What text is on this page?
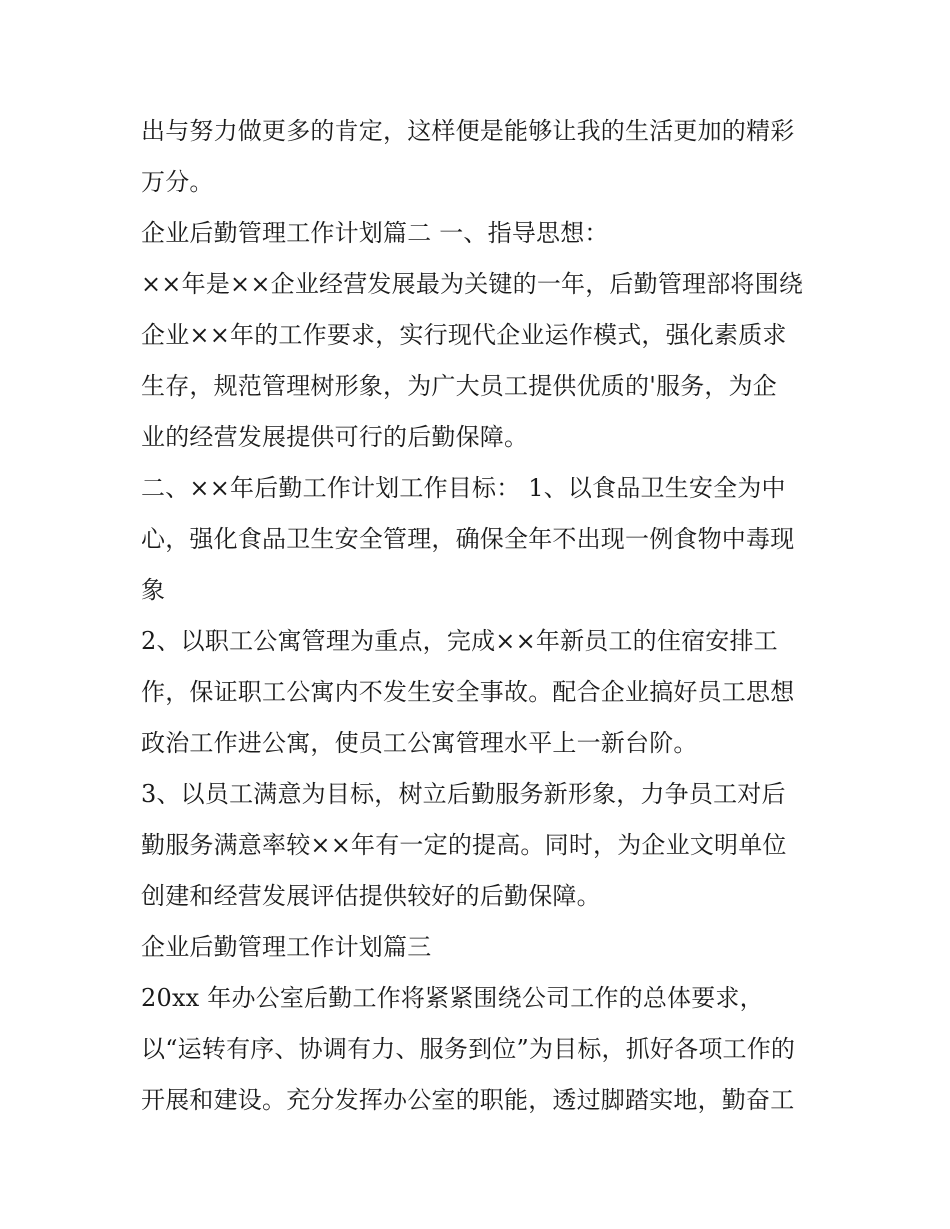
出与努力做更多的肯定，这样便是能够让我的生活更加的精彩
万分。
企业后勤管理工作计划篇二 一、指导思想：
××年是××企业经营发展最为关键的一年，后勤管理部将围绕
企业××年的工作要求，实行现代企业运作模式，强化素质求
生存，规范管理树形象，为广大员工提供优质的'服务，为企
业的经营发展提供可行的后勤保障。
二、××年后勤工作计划工作目标： 1、以食品卫生安全为中
心，强化食品卫生安全管理，确保全年不出现一例食物中毒现
象
2、以职工公寓管理为重点，完成××年新员工的住宿安排工
作，保证职工公寓内不发生安全事故。配合企业搞好员工思想
政治工作进公寓，使员工公寓管理水平上一新台阶。
3、以员工满意为目标，树立后勤服务新形象，力争员工对后
勤服务满意率较××年有一定的提高。同时，为企业文明单位
创建和经营发展评估提供较好的后勤保障。
企业后勤管理工作计划篇三
20xx 年办公室后勤工作将紧紧围绕公司工作的总体要求，
以“运转有序、协调有力、服务到位”为目标，抓好各项工作的
开展和建设。充分发挥办公室的职能，透过脚踏实地，勤奋工
